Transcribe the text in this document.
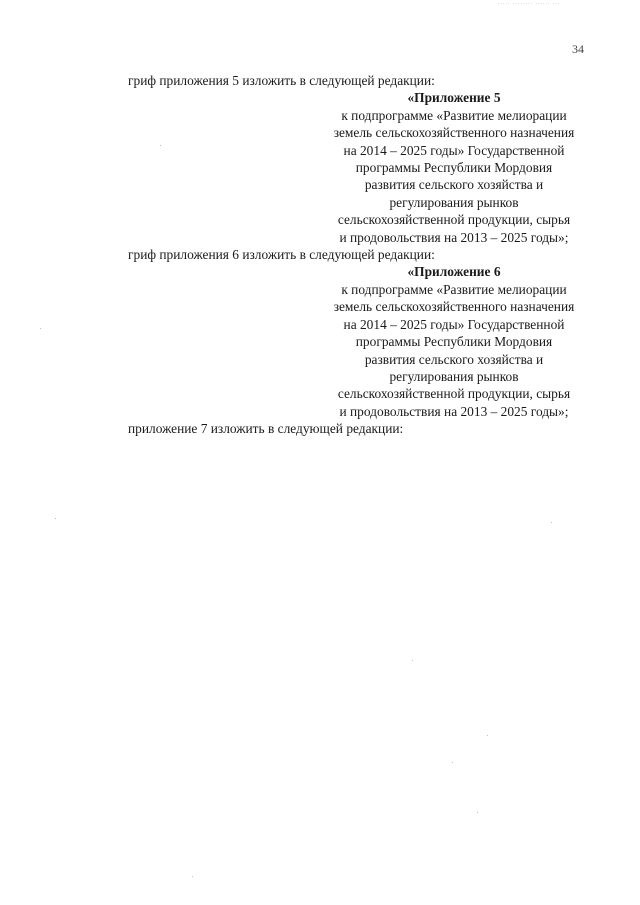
..... ........ ...... ...
34

гриф приложения 5 изложить в следующей редакции:

«Приложение 5
к подпрограмме «Развитие мелиорации
земель сельскохозяйственного назначения
на 2014 – 2025 годы» Государственной
программы Республики Мордовия
развития сельского хозяйства и
регулирования рынков
сельскохозяйственной продукции, сырья
и продовольствия на 2013 – 2025 годы»;

гриф приложения 6 изложить в следующей редакции:

«Приложение 6
к подпрограмме «Развитие мелиорации
земель сельскохозяйственного назначения
на 2014 – 2025 годы» Государственной
программы Республики Мордовия
развития сельского хозяйства и
регулирования рынков
сельскохозяйственной продукции, сырья
и продовольствия на 2013 – 2025 годы»;

приложение 7 изложить в следующей редакции:
